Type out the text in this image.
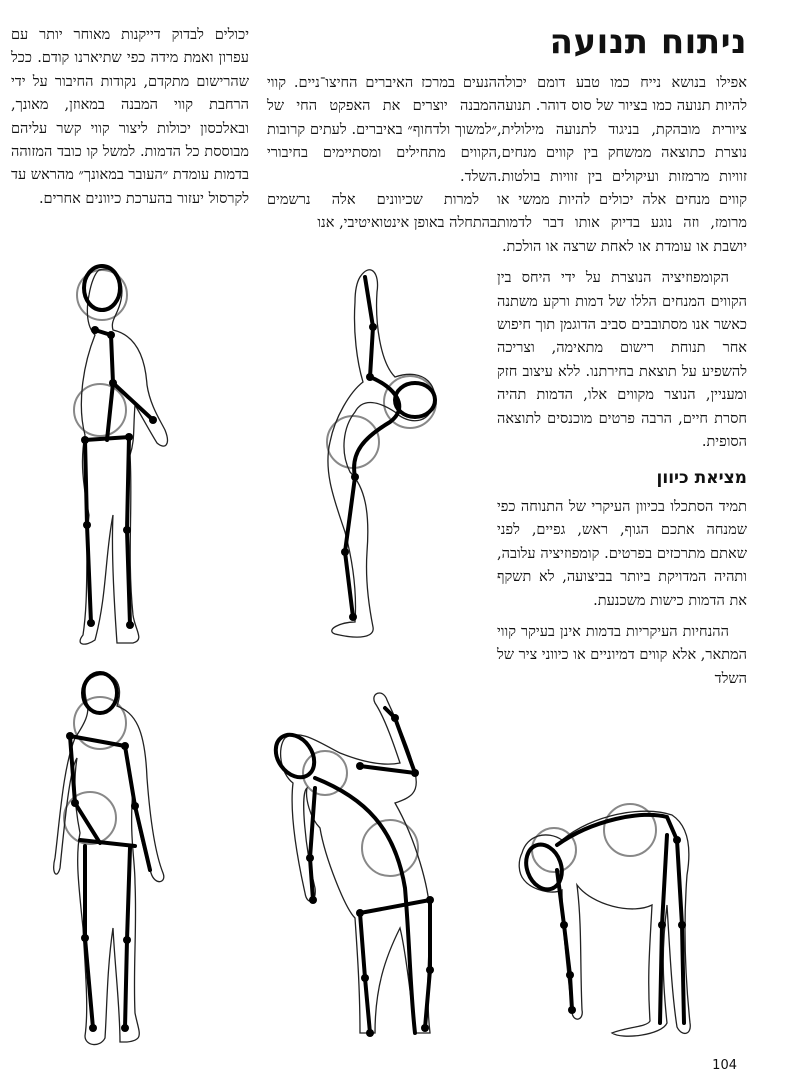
ניתוח תנועה

אפילו בנושא נייח כמו טבע דומם יכולה להיות תנועה כמו בציור של סוס דוהר. תנועה ציורית מובהקת, בניגוד לתנועה מילולית, נוצרת כתוצאה ממשחק בין קווים מנחים, זוויות מרמזות ועיקולים בין זוויות בולטות. קווים מנחים אלה יכולים להיות ממשי או מרומז, וזה נוגע בדיוק אותו דבר לדמות יושבת או עומדת או לאחת שרצה או הולכת.

הקומפוזיציה הנוצרת על ידי היחס בין הקווים המנחים הללו של דמות ורקע משתנה כאשר אנו מסתובבים סביב הדוגמן תוך חיפוש אחר תנוחת רישום מתאימה, וצריכה להשפיע על תוצאת בחירתנו. ללא עיצוב חזק ומעניין, הנוצר מקווים אלו, הדמות תהיה חסרת חיים, הרבה פרטים מוכנסים לתוצאה הסופית.

מציאת כיוון

תמיד הסתכלו בכיוון העיקרי של התנוחה כפי שמנחה אתכם הגוף, ראש, גפיים, לפני שאתם מתרכזים בפרטים. קומפוזיציה עלובה, ותהיה המדויקת ביותר בביצועה, לא תשקף את הדמות כישות משכנעת.

ההנחיות העיקריות בדמות אינן בעיקר קווי המתאר, אלא קווים דמיוניים או כיווני ציר של השלד

הנעים במרכז האיברים החיצו־ניים. קווי המבנה יוצרים את האפקט החי של ״למשוך ולדחוף״ באיברים. לעתים קרובות הקווים מתחילים ומסתיימים בחיבורי השלד.

למרות שכיוונים אלה נרשמים בהתחלה באופן אינטואיטיבי, אנו

יכולים לבדוק דייקנות מאוחר יותר עם עפרון ואמת מידה כפי שתיארנו קודם. ככל שהרישום מתקדם, נקודות החיבור על ידי הרחבת קווי המבנה במאוזן, מאונך, ובאלכסון יכולות ליצור קווי קשר עליהם מבוססת כל הדמות. למשל קו כובד המזוהה בדמות עומדת ״העובר במאונך״ מהראש עד לקרסול יעזור בהערכת כיוונים אחרים.

104
